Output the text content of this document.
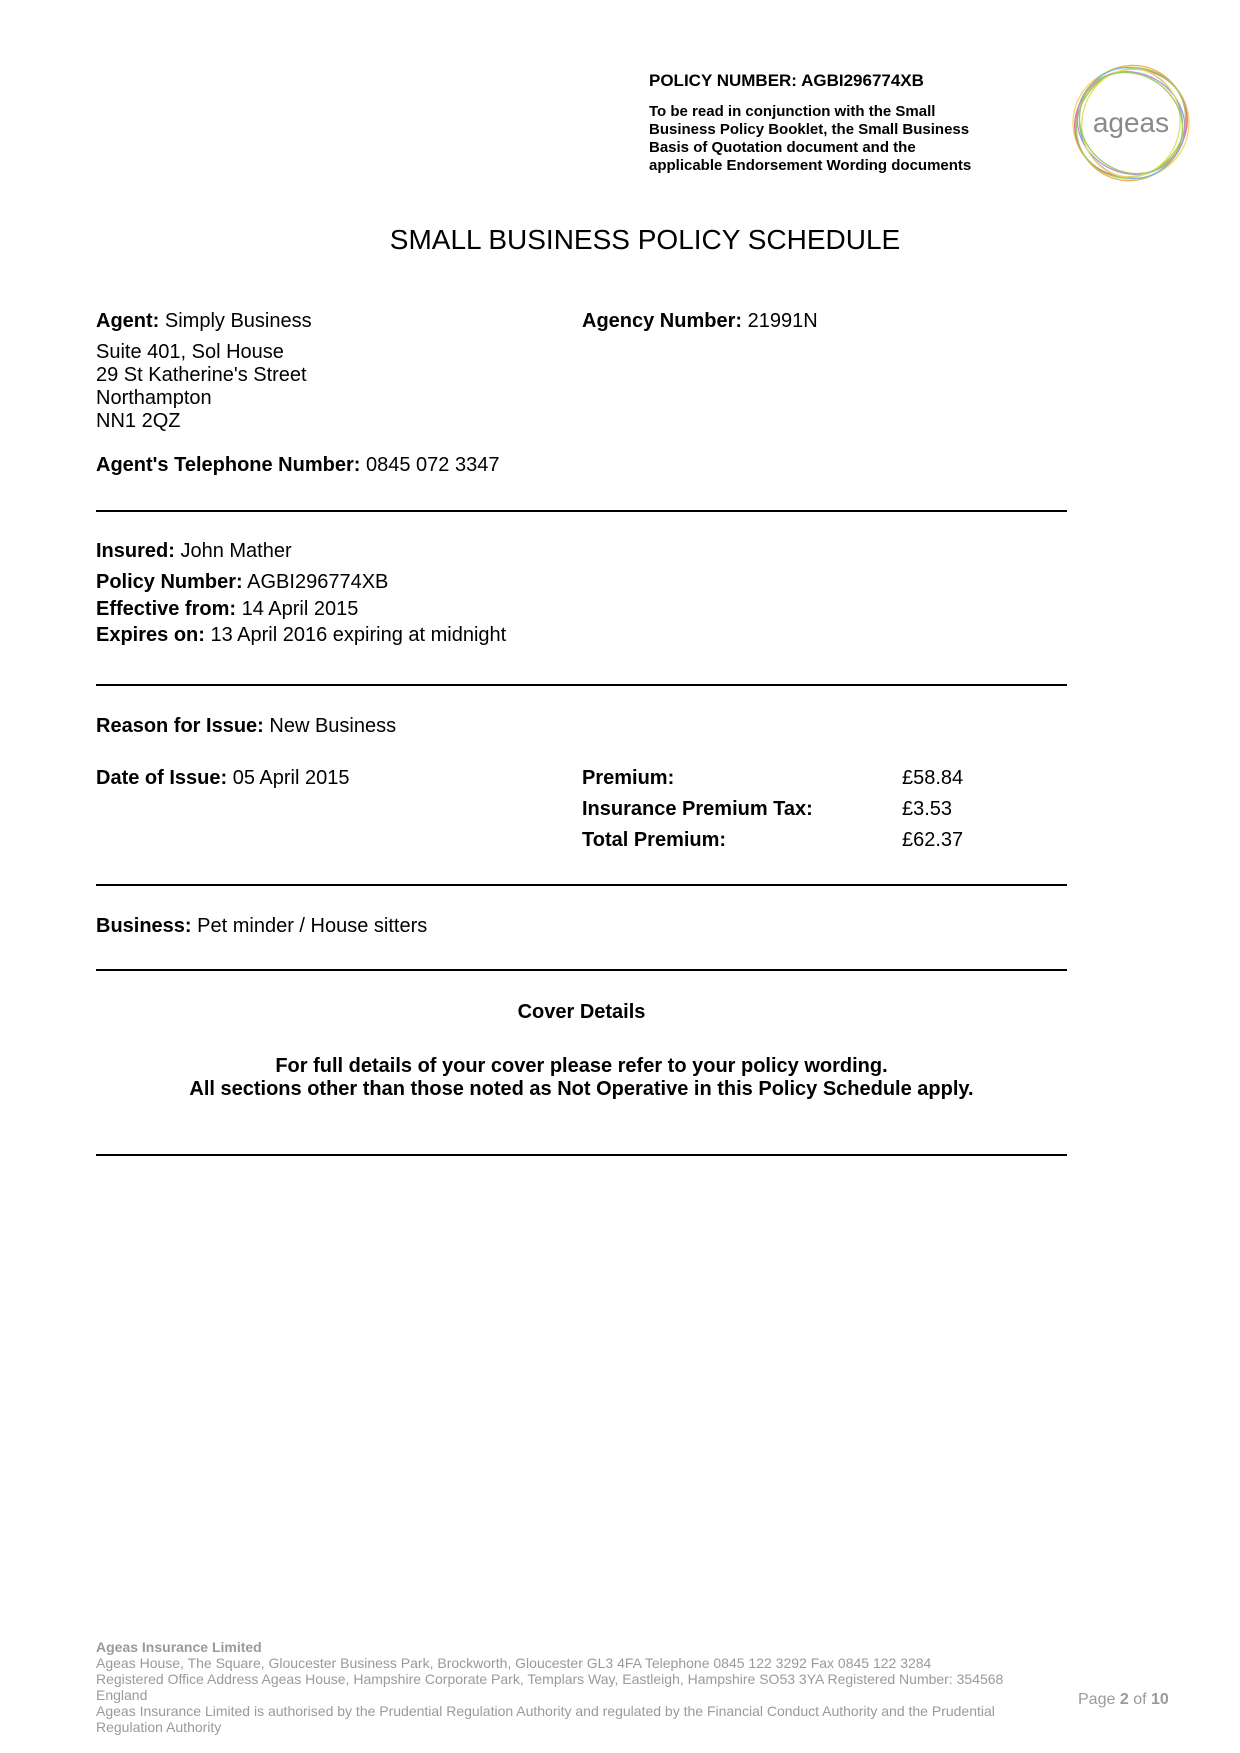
POLICY NUMBER: AGBI296774XB
To be read in conjunction with the Small
Business Policy Booklet, the Small Business
Basis of Quotation document and the
applicable Endorsement Wording documents
ageas
SMALL BUSINESS POLICY SCHEDULE
Agent: Simply Business	Agency Number: 21991N
Suite 401, Sol House
29 St Katherine's Street
Northampton
NN1 2QZ
Agent's Telephone Number: 0845 072 3347
Insured: John Mather
Policy Number: AGBI296774XB
Effective from: 14 April 2015
Expires on: 13 April 2016 expiring at midnight
Reason for Issue: New Business
Date of Issue: 05 April 2015	Premium:	£58.84
Insurance Premium Tax:	£3.53
Total Premium:	£62.37
Business: Pet minder / House sitters
Cover Details
For full details of your cover please refer to your policy wording.
All sections other than those noted as Not Operative in this Policy Schedule apply.
Ageas Insurance Limited
Ageas House, The Square, Gloucester Business Park, Brockworth, Gloucester GL3 4FA Telephone 0845 122 3292 Fax 0845 122 3284
Registered Office Address Ageas House, Hampshire Corporate Park, Templars Way, Eastleigh, Hampshire SO53 3YA Registered Number: 354568
England
Ageas Insurance Limited is authorised by the Prudential Regulation Authority and regulated by the Financial Conduct Authority and the Prudential
Regulation Authority
Page 2 of 10
